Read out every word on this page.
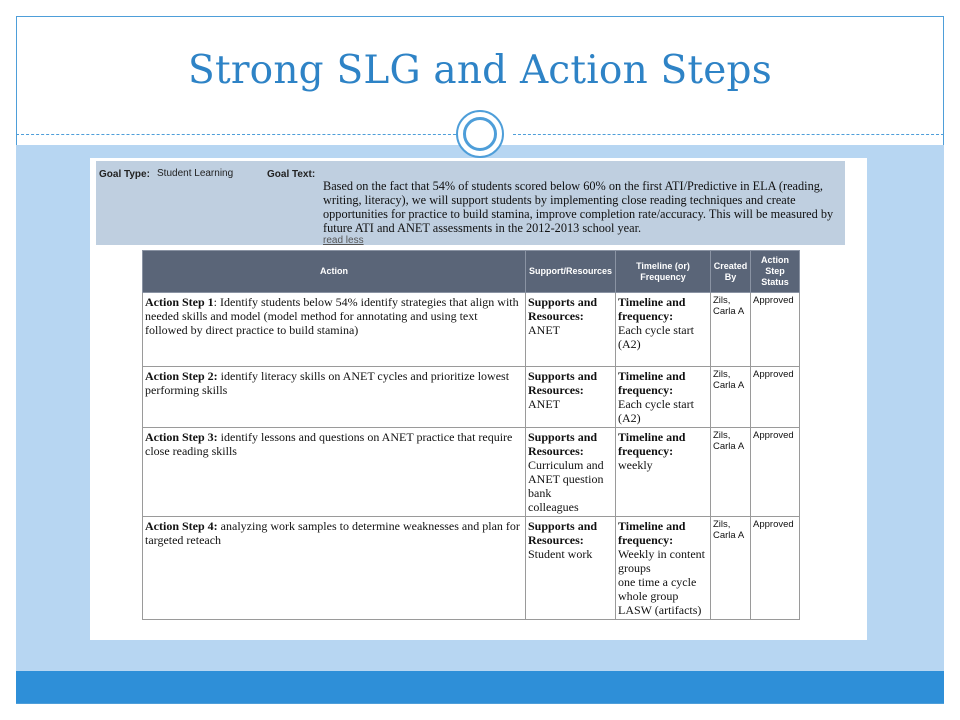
Strong SLG and Action Steps
Goal Type: Student Learning	Goal Text:
Based on the fact that 54% of students scored below 60% on the first ATI/Predictive in ELA (reading, writing, literacy), we will support students by implementing close reading techniques and create opportunities for practice to build stamina, improve completion rate/accuracy. This will be measured by future ATI and ANET assessments in the 2012-2013 school year.
read less
Action	Support/Resources	Timeline (or) Frequency	Created By	Action Step Status
Action Step 1: Identify students below 54% identify strategies that align with needed skills and model (model method for annotating and using text followed by direct practice to build stamina)	Supports and Resources:
ANET	Timeline and frequency:
Each cycle start (A2)	Zils, Carla A	Approved
Action Step 2: identify literacy skills on ANET cycles and prioritize lowest performing skills	Supports and Resources:
ANET	Timeline and frequency:
Each cycle start (A2)	Zils, Carla A	Approved
Action Step 3: identify lessons and questions on ANET practice that require close reading skills	Supports and Resources:
Curriculum and ANET question bank
colleagues	Timeline and frequency:
weekly	Zils, Carla A	Approved
Action Step 4: analyzing work samples to determine weaknesses and plan for targeted reteach	Supports and Resources:
Student work	Timeline and frequency:
Weekly in content groups
one time a cycle whole group
LASW (artifacts)	Zils, Carla A	Approved
